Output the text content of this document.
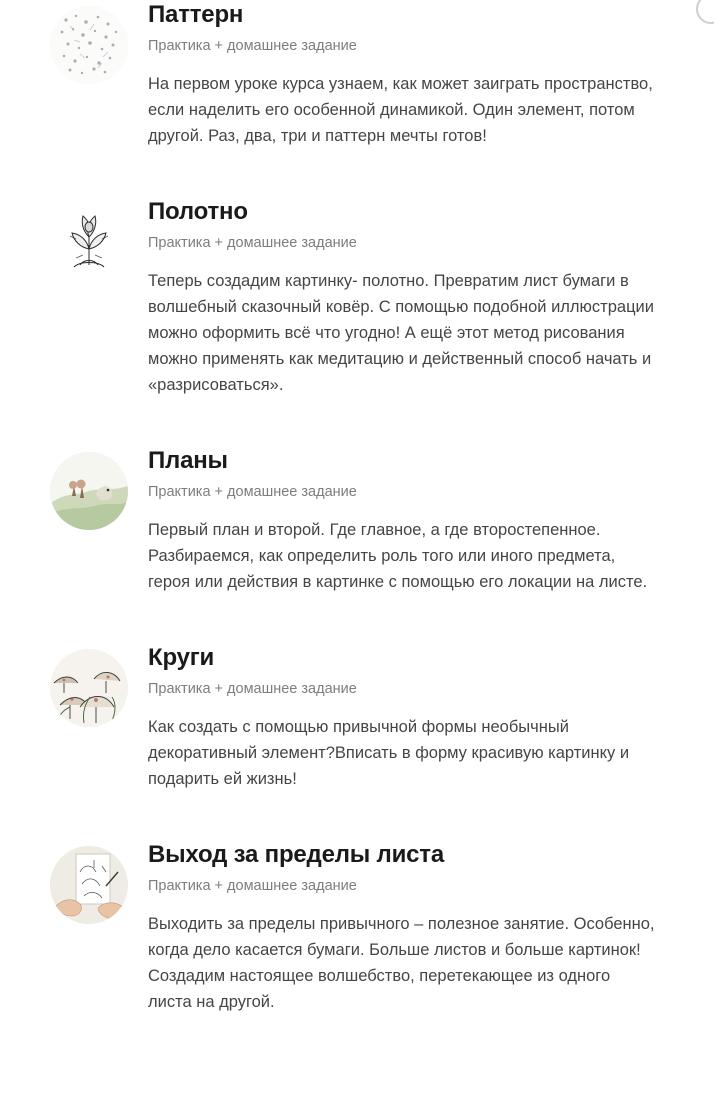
Паттерн
Практика + домашнее задание
На первом уроке курса узнаем, как может заиграть пространство, если наделить его особенной динамикой. Один элемент, потом другой. Раз, два, три и паттерн мечты готов!
Полотно
Практика + домашнее задание
Теперь создадим картинку- полотно. Превратим лист бумаги в волшебный сказочный ковёр. С помощью подобной иллюстрации можно оформить всё что угодно! А ещё этот метод рисования можно применять как медитацию и действенный способ начать и «разрисоваться».
Планы
Практика + домашнее задание
Первый план и второй. Где главное, а где второстепенное. Разбираемся, как определить роль того или иного предмета, героя или действия в картинке с помощью его локации на листе.
Круги
Практика + домашнее задание
Как создать с помощью привычной формы необычный декоративный элемент?Вписать в форму красивую картинку и подарить ей жизнь!
Выход за пределы листа
Практика + домашнее задание
Выходить за пределы привычного – полезное занятие. Особенно, когда дело касается бумаги. Больше листов и больше картинок! Создадим настоящее волшебство, перетекающее из одного листа на другой.
